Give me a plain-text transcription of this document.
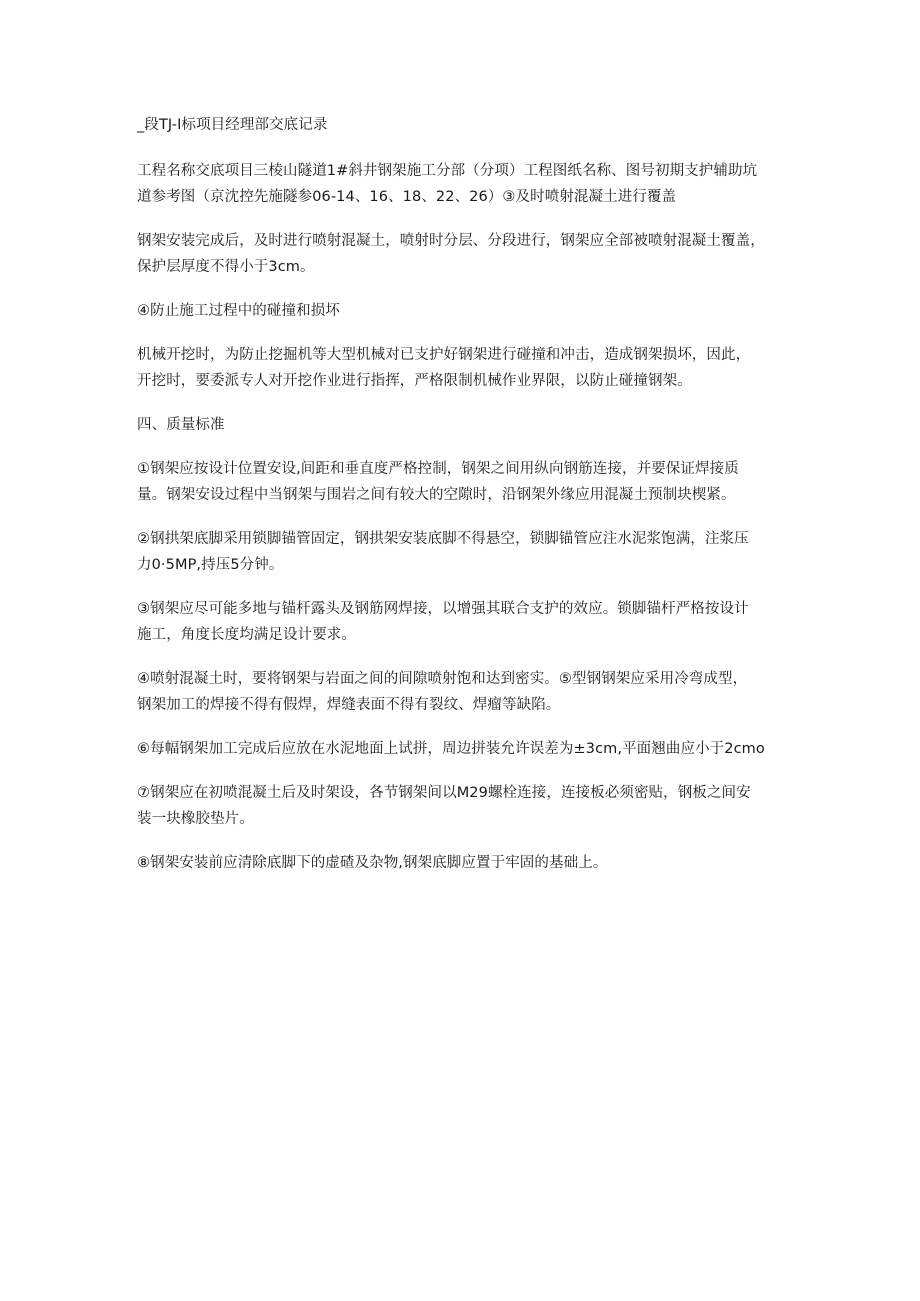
_段TJ-I标项目经理部交底记录

工程名称交底项目三棱山隧道1#斜井钢架施工分部（分项）工程图纸名称、图号初期支护辅助坑
道参考图（京沈控先施隧参06-14、16、18、22、26）③及时喷射混凝土进行覆盖

钢架安装完成后，及时进行喷射混凝土，喷射时分层、分段进行，钢架应全部被喷射混凝土覆盖，
保护层厚度不得小于3cm。

④防止施工过程中的碰撞和损坏

机械开挖时，为防止挖掘机等大型机械对已支护好钢架进行碰撞和冲击，造成钢架损坏，因此，
开挖时，要委派专人对开挖作业进行指挥，严格限制机械作业界限，以防止碰撞钢架。

四、质量标准

①钢架应按设计位置安设,间距和垂直度严格控制，钢架之间用纵向钢筋连接，并要保证焊接质
量。钢架安设过程中当钢架与围岩之间有较大的空隙时，沿钢架外缘应用混凝土预制块楔紧。

②钢拱架底脚采用锁脚锚管固定，钢拱架安装底脚不得悬空，锁脚锚管应注水泥浆饱满，注浆压
力0·5MP,持压5分钟。

③钢架应尽可能多地与锚杆露头及钢筋网焊接，以增强其联合支护的效应。锁脚锚杆严格按设计
施工，角度长度均满足设计要求。

④喷射混凝土时，要将钢架与岩面之间的间隙喷射饱和达到密实。⑤型钢钢架应采用冷弯成型，
钢架加工的焊接不得有假焊，焊缝表面不得有裂纹、焊瘤等缺陷。

⑥每幅钢架加工完成后应放在水泥地面上试拼，周边拼装允许误差为±3cm,平面翘曲应小于2cmo

⑦钢架应在初喷混凝土后及时架设，各节钢架间以M29螺栓连接，连接板必须密贴，钢板之间安
装一块橡胶垫片。

⑧钢架安装前应清除底脚下的虚碴及杂物,钢架底脚应置于牢固的基础上。
